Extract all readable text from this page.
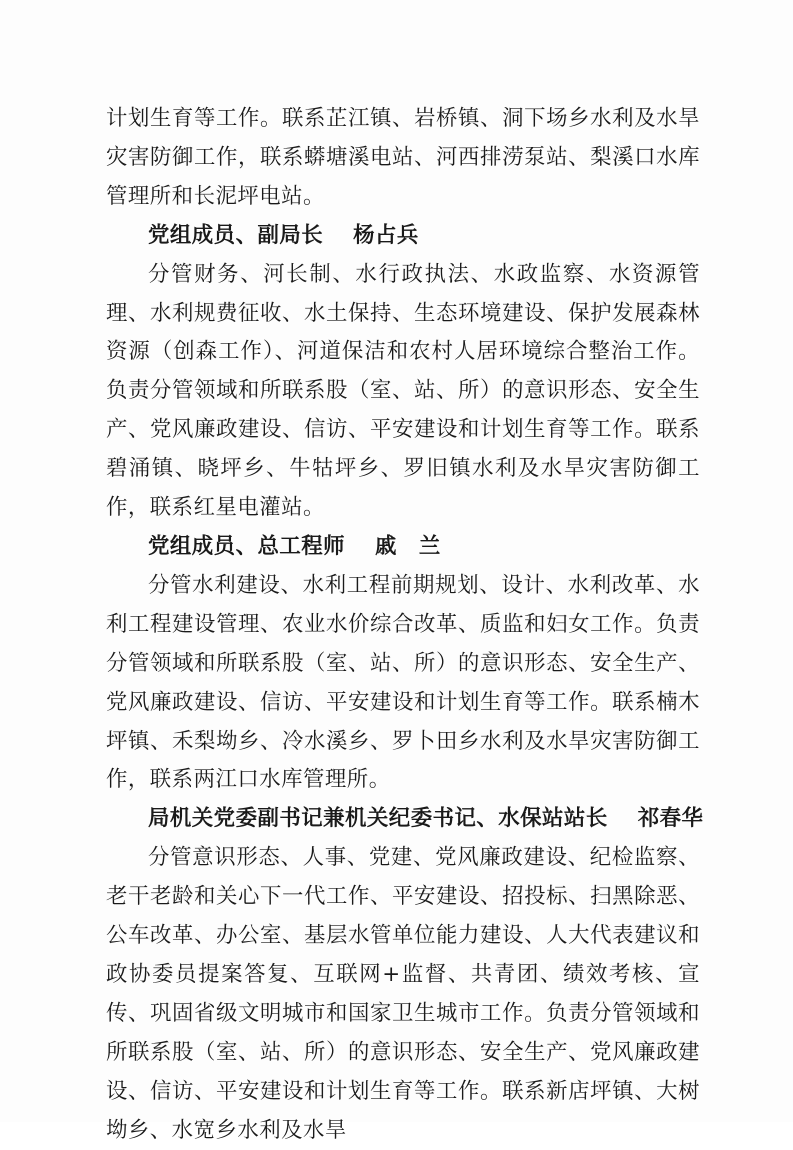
计划生育等工作。联系芷江镇、岩桥镇、洞下场乡水利及水旱灾害防御工作，联系蟒塘溪电站、河西排涝泵站、梨溪口水库管理所和长泥坪电站。

党组成员、副局长 杨占兵

分管财务、河长制、水行政执法、水政监察、水资源管理、水利规费征收、水土保持、生态环境建设、保护发展森林资源（创森工作）、河道保洁和农村人居环境综合整治工作。负责分管领域和所联系股（室、站、所）的意识形态、安全生产、党风廉政建设、信访、平安建设和计划生育等工作。联系碧涌镇、晓坪乡、牛牯坪乡、罗旧镇水利及水旱灾害防御工作，联系红星电灌站。

党组成员、总工程师 戚　兰

分管水利建设、水利工程前期规划、设计、水利改革、水利工程建设管理、农业水价综合改革、质监和妇女工作。负责分管领域和所联系股（室、站、所）的意识形态、安全生产、党风廉政建设、信访、平安建设和计划生育等工作。联系楠木坪镇、禾梨坳乡、冷水溪乡、罗卜田乡水利及水旱灾害防御工作，联系两江口水库管理所。

局机关党委副书记兼机关纪委书记、水保站站长 祁春华

分管意识形态、人事、党建、党风廉政建设、纪检监察、老干老龄和关心下一代工作、平安建设、招投标、扫黑除恶、公车改革、办公室、基层水管单位能力建设、人大代表建议和政协委员提案答复、互联网+监督、共青团、绩效考核、宣传、巩固省级文明城市和国家卫生城市工作。负责分管领域和所联系股（室、站、所）的意识形态、安全生产、党风廉政建设、信访、平安建设和计划生育等工作。联系新店坪镇、大树坳乡、水宽乡水利及水旱
